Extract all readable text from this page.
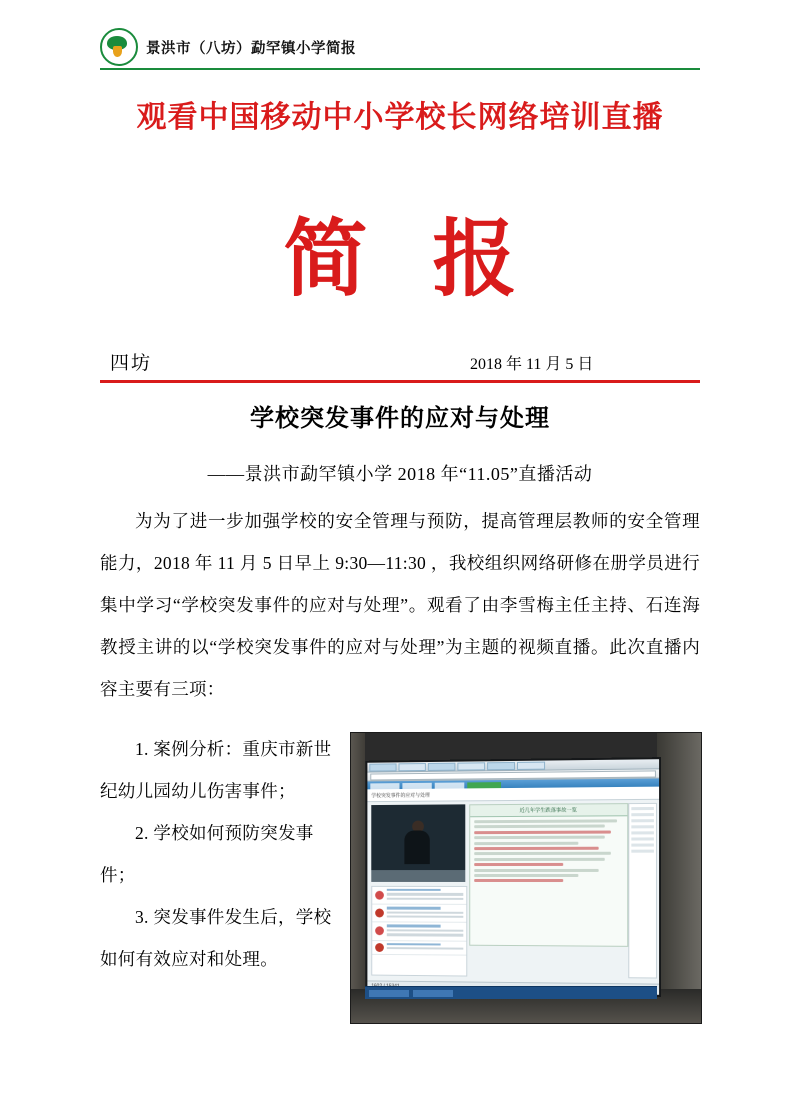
景洪市（八坊）勐罕镇小学简报
观看中国移动中小学校长网络培训直播
简 报
四坊	2018 年 11 月 5 日
学校突发事件的应对与处理
——景洪市勐罕镇小学 2018 年“11.05”直播活动

为为了进一步加强学校的安全管理与预防，提高管理层教师的安全管理能力，2018 年 11 月 5 日早上 9:30—11:30 ，我校组织网络研修在册学员进行集中学习“学校突发事件的应对与处理”。观看了由李雪梅主任主持、石连海教授主讲的以“学校突发事件的应对与处理”为主题的视频直播。此次直播内容主要有三项：

1. 案例分析：重庆市新世纪幼儿园幼儿伤害事件；

2. 学校如何预防突发事件；

3. 突发事件发生后，学校如何有效应对和处理。

学校突发事件的应对与处理
近几年学生跌落事故一览
